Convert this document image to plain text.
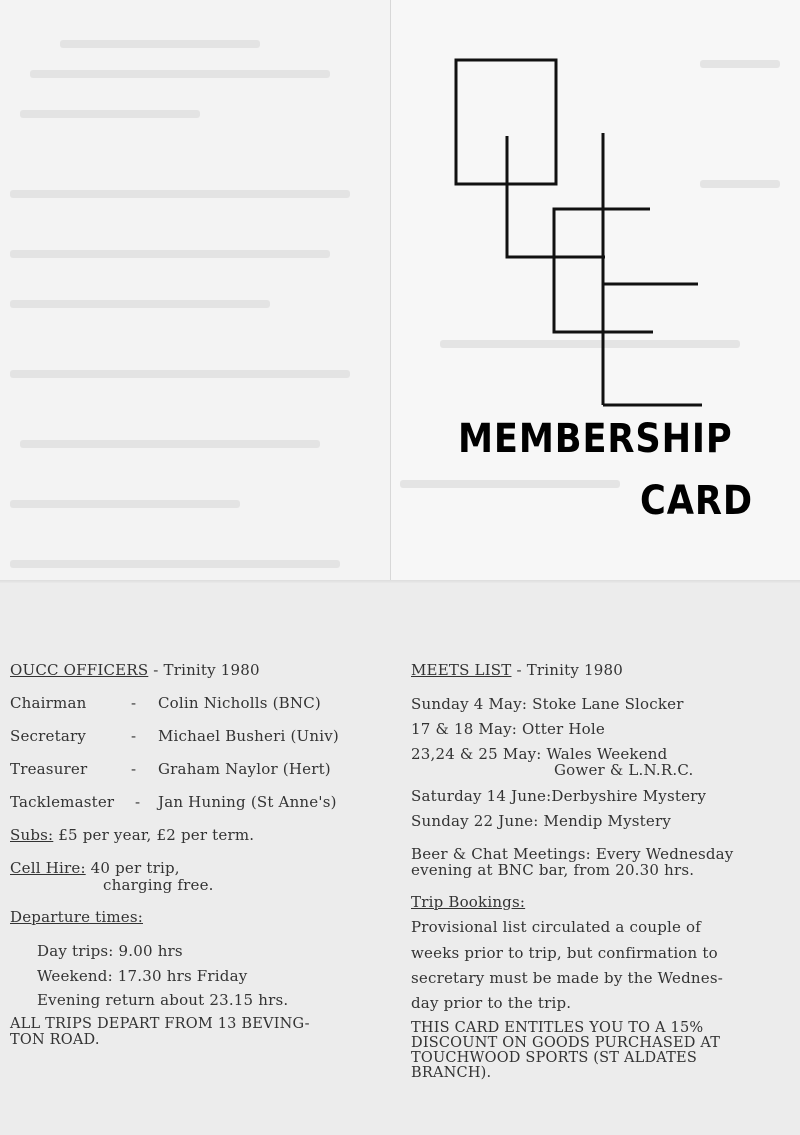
MEMBERSHIP
CARD
OUCC OFFICERS - Trinity 1980
Chairman	- Colin Nicholls (BNC)
Secretary	- Michael Busheri (Univ)
Treasurer	- Graham Naylor (Hert)
Tacklemaster - Jan Huning (St Anne's)
Subs: £5 per year, £2 per term.
Cell Hire: 40 per trip,
charging free.
Departure times:
Day trips: 9.00 hrs
Weekend: 17.30 hrs Friday
Evening return about 23.15 hrs.
ALL TRIPS DEPART FROM 13 BEVING-
TON ROAD.
MEETS LIST - Trinity 1980
Sunday 4 May: Stoke Lane Slocker
17 & 18 May: Otter Hole
23,24 & 25 May: Wales Weekend
Gower & L.N.R.C.
Saturday 14 June:Derbyshire Mystery
Sunday 22 June: Mendip Mystery
Beer & Chat Meetings: Every Wednesday
evening at BNC bar, from 20.30 hrs.
Trip Bookings:
Provisional list circulated a couple of
weeks prior to trip, but confirmation to
secretary must be made by the Wednes-
day prior to the trip.
THIS CARD ENTITLES YOU TO A 15%
DISCOUNT ON GOODS PURCHASED AT
TOUCHWOOD SPORTS (ST ALDATES
BRANCH).
